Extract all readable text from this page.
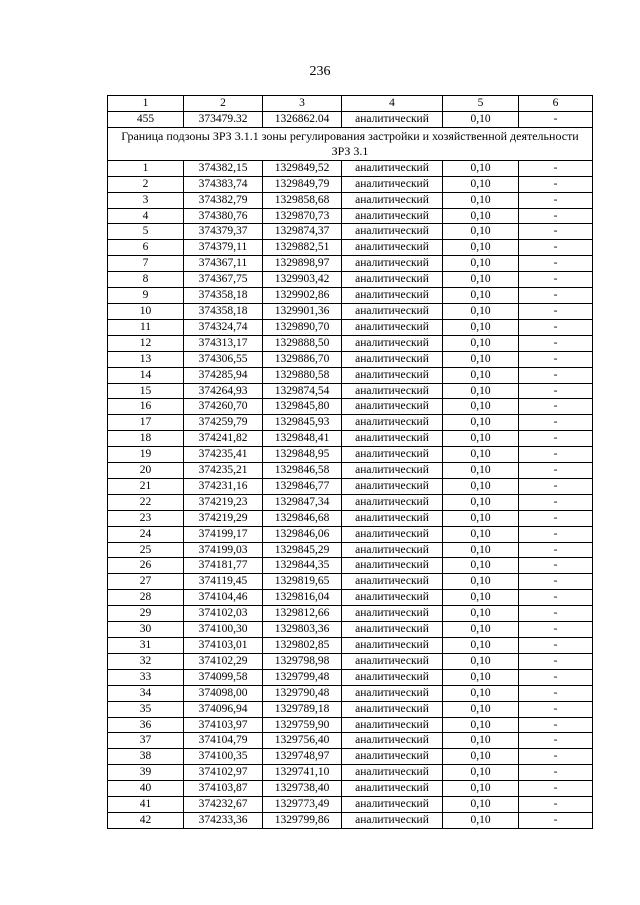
236
1	2	3	4	5	6
455	373479.32	1326862.04	аналитический	0,10	-
Граница подзоны ЗРЗ 3.1.1 зоны регулирования застройки и хозяйственной деятельности ЗРЗ 3.1					
1	374382,15	1329849,52	аналитический	0,10	-
2	374383,74	1329849,79	аналитический	0,10	-
3	374382,79	1329858,68	аналитический	0,10	-
4	374380,76	1329870,73	аналитический	0,10	-
5	374379,37	1329874,37	аналитический	0,10	-
6	374379,11	1329882,51	аналитический	0,10	-
7	374367,11	1329898,97	аналитический	0,10	-
8	374367,75	1329903,42	аналитический	0,10	-
9	374358,18	1329902,86	аналитический	0,10	-
10	374358,18	1329901,36	аналитический	0,10	-
11	374324,74	1329890,70	аналитический	0,10	-
12	374313,17	1329888,50	аналитический	0,10	-
13	374306,55	1329886,70	аналитический	0,10	-
14	374285,94	1329880,58	аналитический	0,10	-
15	374264,93	1329874,54	аналитический	0,10	-
16	374260,70	1329845,80	аналитический	0,10	-
17	374259,79	1329845,93	аналитический	0,10	-
18	374241,82	1329848,41	аналитический	0,10	-
19	374235,41	1329848,95	аналитический	0,10	-
20	374235,21	1329846,58	аналитический	0,10	-
21	374231,16	1329846,77	аналитический	0,10	-
22	374219,23	1329847,34	аналитический	0,10	-
23	374219,29	1329846,68	аналитический	0,10	-
24	374199,17	1329846,06	аналитический	0,10	-
25	374199,03	1329845,29	аналитический	0,10	-
26	374181,77	1329844,35	аналитический	0,10	-
27	374119,45	1329819,65	аналитический	0,10	-
28	374104,46	1329816,04	аналитический	0,10	-
29	374102,03	1329812,66	аналитический	0,10	-
30	374100,30	1329803,36	аналитический	0,10	-
31	374103,01	1329802,85	аналитический	0,10	-
32	374102,29	1329798,98	аналитический	0,10	-
33	374099,58	1329799,48	аналитический	0,10	-
34	374098,00	1329790,48	аналитический	0,10	-
35	374096,94	1329789,18	аналитический	0,10	-
36	374103,97	1329759,90	аналитический	0,10	-
37	374104,79	1329756,40	аналитический	0,10	-
38	374100,35	1329748,97	аналитический	0,10	-
39	374102,97	1329741,10	аналитический	0,10	-
40	374103,87	1329738,40	аналитический	0,10	-
41	374232,67	1329773,49	аналитический	0,10	-
42	374233,36	1329799,86	аналитический	0,10	-
